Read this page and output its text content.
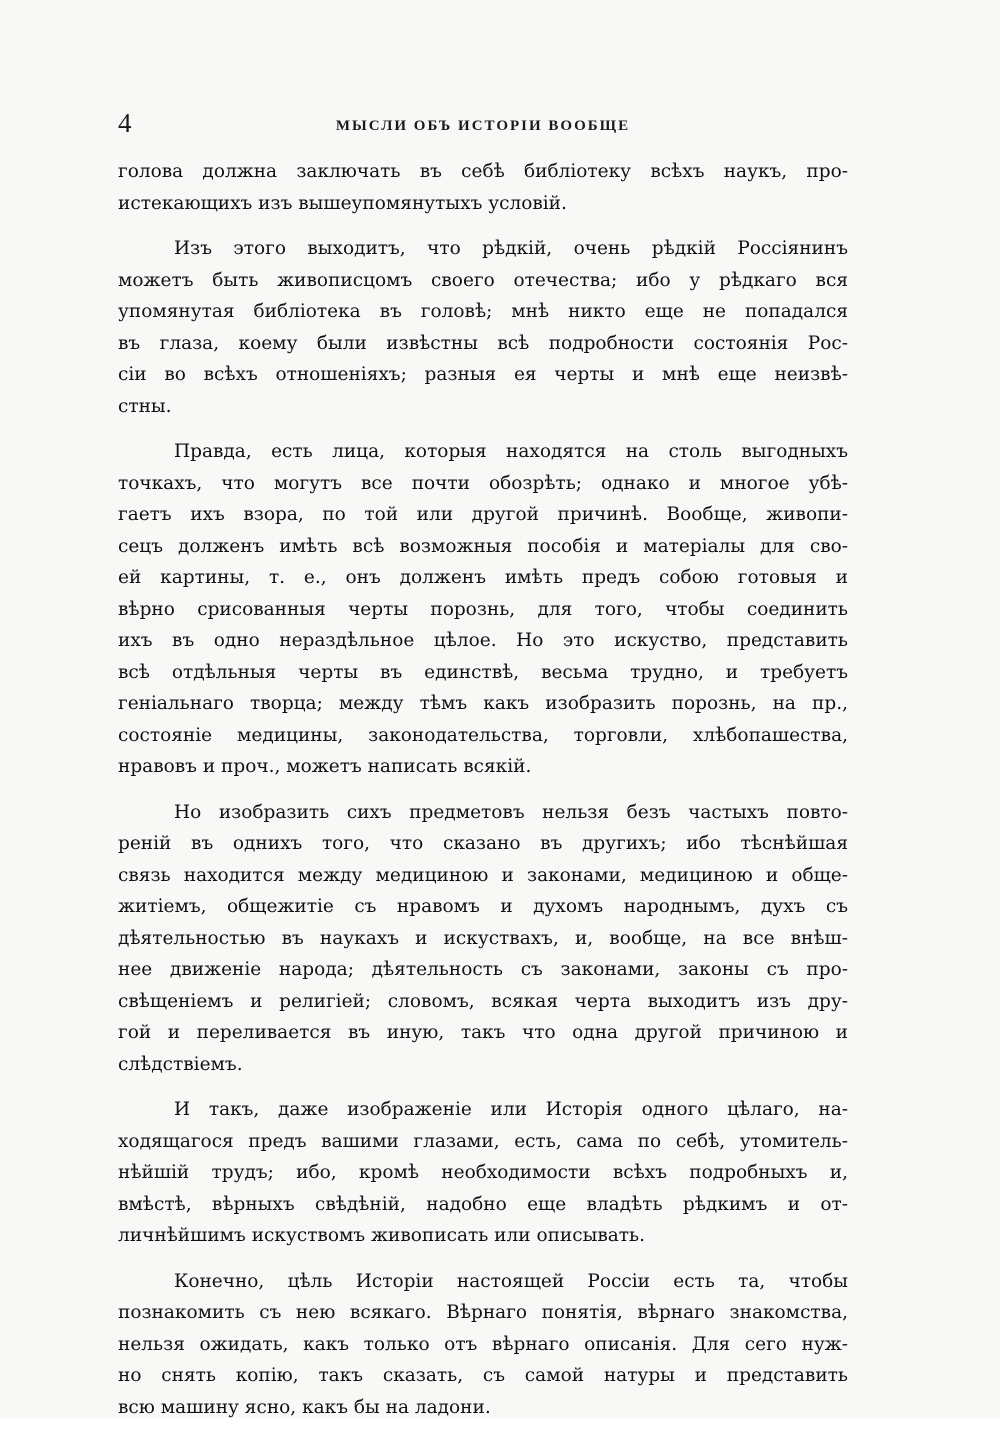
4	МЫСЛИ ОБЪ ИСТОРІИ ВООБЩЕ
голова должна заключать въ себѣ библіотеку всѣхъ наукъ, про-
истекающихъ изъ вышеупомянутыхъ условій.
Изъ этого выходитъ, что рѣдкій, очень рѣдкій Россіянинъ
можетъ быть живописцомъ своего отечества; ибо у рѣдкаго вся
упомянутая библіотека въ головѣ; мнѣ никто еще не попадался
въ глаза, коему были извѣстны всѣ подробности состоянія Рос-
сіи во всѣхъ отношеніяхъ; разныя ея черты и мнѣ еще неизвѣ-
стны.
Правда, есть лица, которыя находятся на столь выгодныхъ
точкахъ, что могутъ все почти обозрѣть; однако и многое убѣ-
гаетъ ихъ взора, по той или другой причинѣ. Вообще, живопи-
сецъ долженъ имѣть всѣ возможныя пособія и матеріалы для сво-
ей картины, т. е., онъ долженъ имѣть предъ собою готовыя и
вѣрно срисованныя черты порознь, для того, чтобы соединить
ихъ въ одно нераздѣльное цѣлое. Но это искуство, представить
всѣ отдѣльныя черты въ единствѣ, весьма трудно, и требуетъ
геніальнаго творца; между тѣмъ какъ изобразить порознь, на пр.,
состояніе медицины, законодательства, торговли, хлѣбопашества,
нравовъ и проч., можетъ написать всякій.
Но изобразить сихъ предметовъ нельзя безъ частыхъ повто-
реній въ однихъ того, что сказано въ другихъ; ибо тѣснѣйшая
связь находится между медициною и законами, медициною и обще-
житіемъ, общежитіе съ нравомъ и духомъ народнымъ, духъ съ
дѣятельностью въ наукахъ и искуствахъ, и, вообще, на все внѣш-
нее движеніе народа; дѣятельность съ законами, законы съ про-
свѣщеніемъ и религіей; словомъ, всякая черта выходитъ изъ дру-
гой и переливается въ иную, такъ что одна другой причиною и
слѣдствіемъ.
И такъ, даже изображеніе или Исторія одного цѣлаго, на-
ходящагося предъ вашими глазами, есть, сама по себѣ, утомитель-
нѣйшій трудъ; ибо, кромѣ необходимости всѣхъ подробныхъ и,
вмѣстѣ, вѣрныхъ свѣдѣній, надобно еще владѣть рѣдкимъ и от-
личнѣйшимъ искуствомъ живописать или описывать.
Конечно, цѣль Исторіи настоящей Россіи есть та, чтобы
познакомить съ нею всякаго. Вѣрнаго понятія, вѣрнаго знакомства,
нельзя ожидать, какъ только отъ вѣрнаго описанія. Для сего нуж-
но снять копію, такъ сказать, съ самой натуры и представить
всю машину ясно, какъ бы на ладони.
